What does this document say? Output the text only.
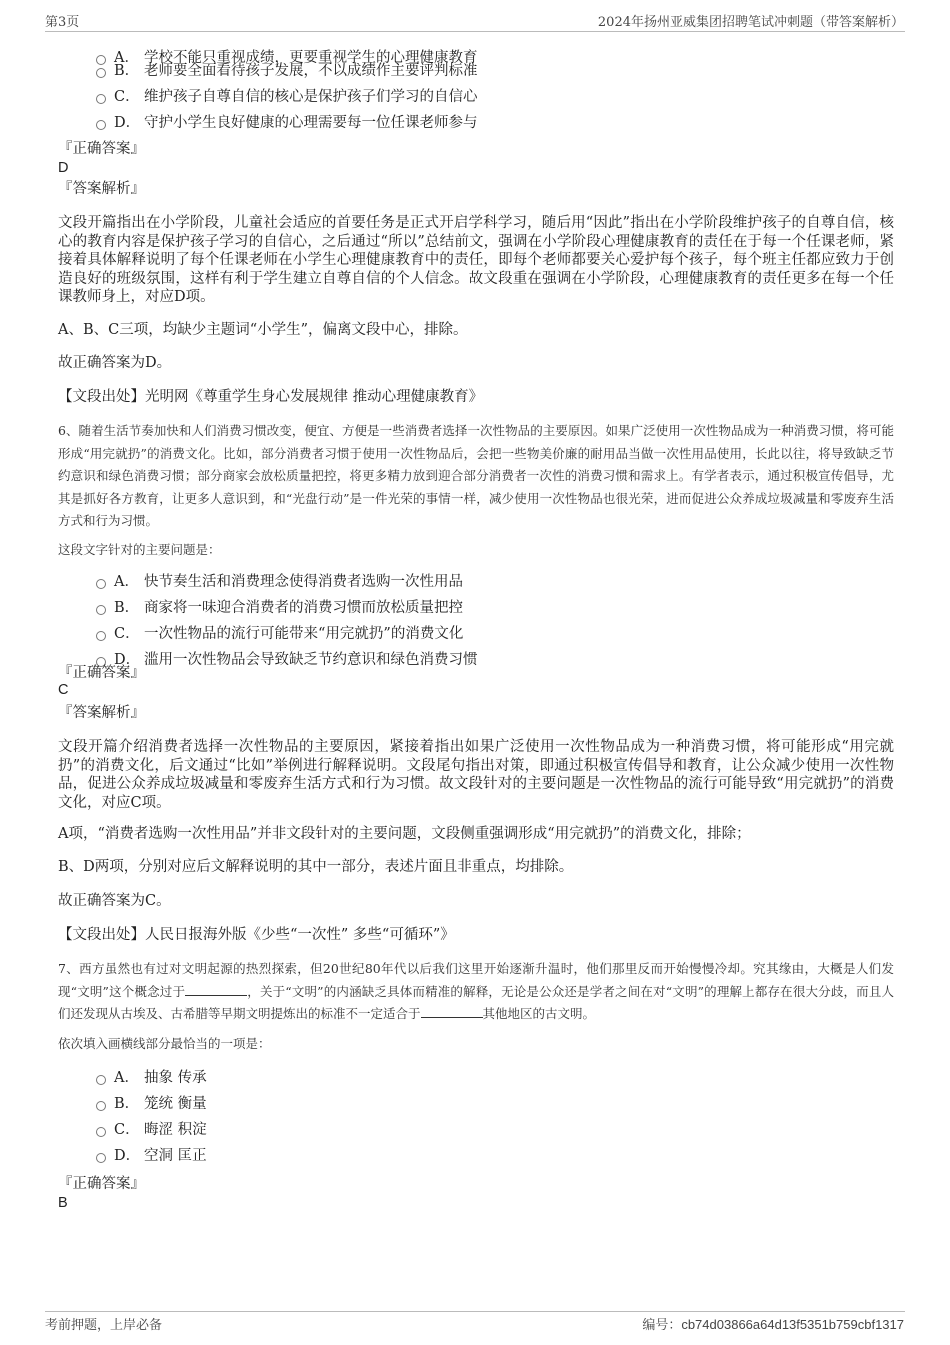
第3页	2024年扬州亚威集团招聘笔试冲刺题（带答案解析）
A． 学校不能只重视成绩，更要重视学生的心理健康教育
B． 老师要全面看待孩子发展，不以成绩作主要评判标准
C． 维护孩子自尊自信的核心是保护孩子们学习的自信心
D． 守护小学生良好健康的心理需要每一位任课老师参与
『正确答案』
D
『答案解析』
文段开篇指出在小学阶段，儿童社会适应的首要任务是正式开启学科学习，随后用“因此”指出在小学阶段维护孩子的自尊自信，核心的教育内容是保护孩子学习的自信心，之后通过“所以”总结前文，强调在小学阶段心理健康教育的责任在于每一个任课老师，紧接着具体解释说明了每个任课老师在小学生心理健康教育中的责任，即每个老师都要关心爱护每个孩子，每个班主任都应致力于创造良好的班级氛围，这样有利于学生建立自尊自信的个人信念。故文段重在强调在小学阶段，心理健康教育的责任更多在每一个任课教师身上，对应D项。
A、B、C三项，均缺少主题词“小学生”，偏离文段中心，排除。
故正确答案为D。
【文段出处】光明网《尊重学生身心发展规律 推动心理健康教育》
6、随着生活节奏加快和人们消费习惯改变，便宜、方便是一些消费者选择一次性物品的主要原因。如果广泛使用一次性物品成为一种消费习惯，将可能形成“用完就扔”的消费文化。比如，部分消费者习惯于使用一次性物品后，会把一些物美价廉的耐用品当做一次性用品使用，长此以往，将导致缺乏节约意识和绿色消费习惯；部分商家会放松质量把控，将更多精力放到迎合部分消费者一次性的消费习惯和需求上。有学者表示，通过积极宣传倡导，尤其是抓好各方教育，让更多人意识到，和“光盘行动”是一件光荣的事情一样，减少使用一次性物品也很光荣，进而促进公众养成垃圾减量和零废弃生活方式和行为习惯。
这段文字针对的主要问题是：
A． 快节奏生活和消费理念使得消费者选购一次性用品
B． 商家将一味迎合消费者的消费习惯而放松质量把控
C． 一次性物品的流行可能带来“用完就扔”的消费文化
D． 滥用一次性物品会导致缺乏节约意识和绿色消费习惯
『正确答案』
C
『答案解析』
文段开篇介绍消费者选择一次性物品的主要原因，紧接着指出如果广泛使用一次性物品成为一种消费习惯，将可能形成“用完就扔”的消费文化，后文通过“比如”举例进行解释说明。文段尾句指出对策，即通过积极宣传倡导和教育，让公众减少使用一次性物品，促进公众养成垃圾减量和零废弃生活方式和行为习惯。故文段针对的主要问题是一次性物品的流行可能导致“用完就扔”的消费文化，对应C项。
A项，“消费者选购一次性用品”并非文段针对的主要问题，文段侧重强调形成“用完就扔”的消费文化，排除；
B、D两项，分别对应后文解释说明的其中一部分，表述片面且非重点，均排除。
故正确答案为C。
【文段出处】人民日报海外版《少些“一次性” 多些“可循环”》
7、西方虽然也有过对文明起源的热烈探索，但20世纪80年代以后我们这里开始逐渐升温时，他们那里反而开始慢慢冷却。究其缘由，大概是人们发现“文明”这个概念过于	，关于“文明”的内涵缺乏具体而精准的解释，无论是公众还是学者之间在对“文明”的理解上都存在很大分歧，而且人们还发现从古埃及、古希腊等早期文明提炼出的标准不一定适合于	其他地区的古文明。
依次填入画横线部分最恰当的一项是：
A． 抽象 传承
B． 笼统 衡量
C． 晦涩 积淀
D． 空洞 匡正
『正确答案』
B
考前押题，上岸必备	编号：cb74d03866a64d13f5351b759cbf1317
